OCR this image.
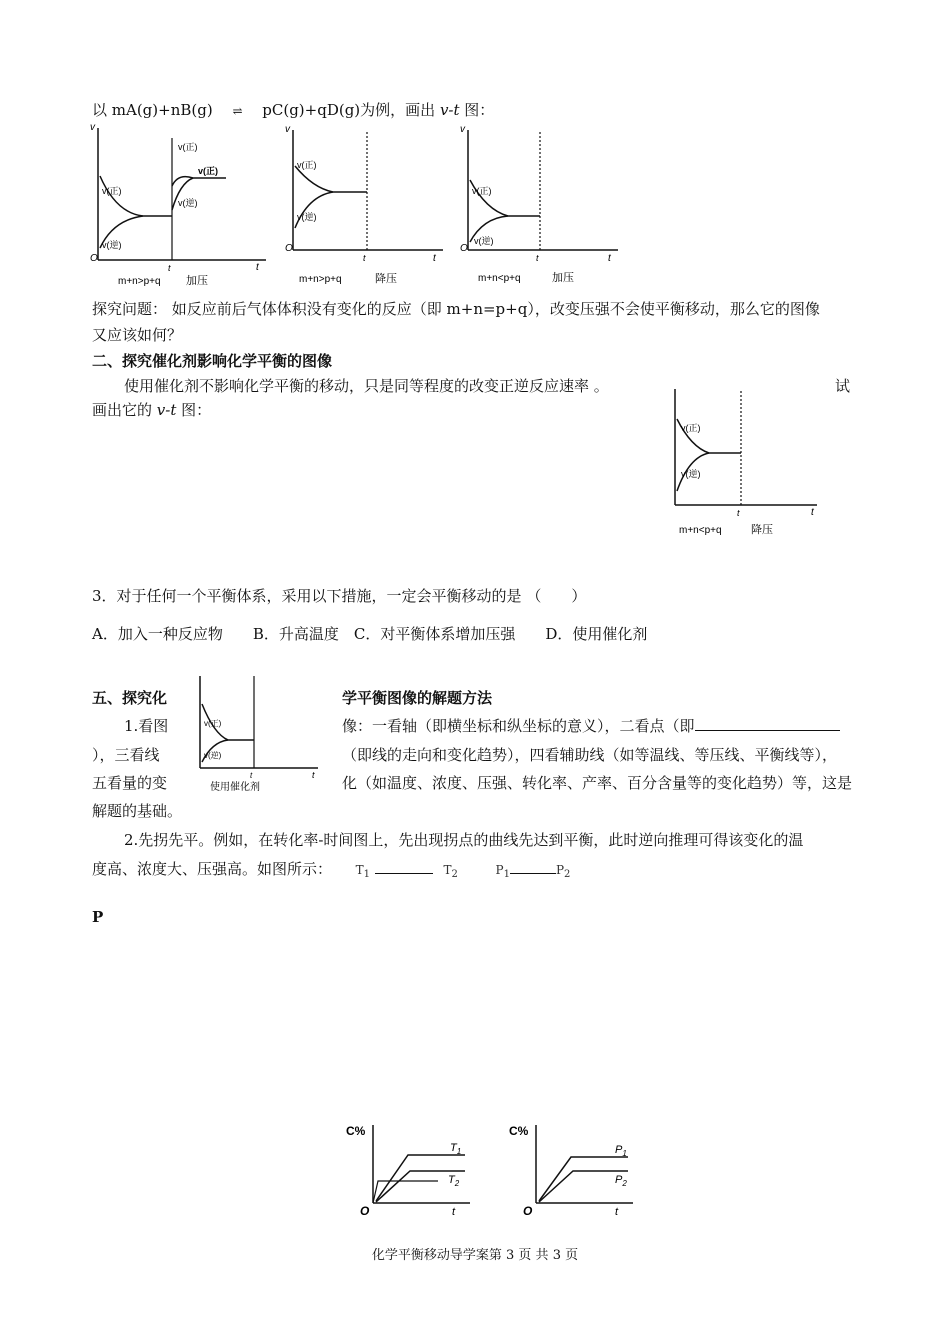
以 mA(g)+nB(g) ⇌ pC(g)+qD(g)为例，画出 v-t 图：
v
O
t	t
v(正)
v(逆)
v(正)
v(正)
v(逆)
m+n>p+q 加压
v
O
t	t
v(正)
v(逆)
m+n>p+q	降压
v
O
t	t
v(正)
v(逆)
m+n<p+q	加压
探究问题： 如反应前后气体体积没有变化的反应（即 m+n=p+q），改变压强不会使平衡移动，那么它的图像
又应该如何？
二、探究催化剂影响化学平衡的图像
使用催化剂不影响化学平衡的移动，只是同等程度的改变正逆反应速率 。	试
画出它的 v-t 图：
v(正)
v(逆)
t	t
m+n<p+q	降压
3．对于任何一个平衡体系，采用以下措施，一定会平衡移动的是 （　　）
A．加入一种反应物　　B．升高温度　C．对平衡体系增加压强　　D．使用催化剂
五、探究化	学平衡图像的解题方法
v(正)
v(逆)
t	t
使用催化剂
1.看图	像：一看轴（即横坐标和纵坐标的意义），二看点（即
），三看线	（即线的走向和变化趋势），四看辅助线（如等温线、等压线、平衡线等），
五看量的变	化（如温度、浓度、压强、转化率、产率、百分含量等的变化趋势）等，这是
解题的基础。
2.先拐先平。例如，在转化率-时间图上，先出现拐点的曲线先达到平衡，此时逆向推理可得该变化的温
度高、浓度大、压强高。如图所示： $T_1$	$T_2$	$P_1$	$P_2$
P
C%
O	t
$T_1$
$T_2$
C%
O	t
$P_1$
$P_2$
化学平衡移动导学案第 3 页 共 3 页
